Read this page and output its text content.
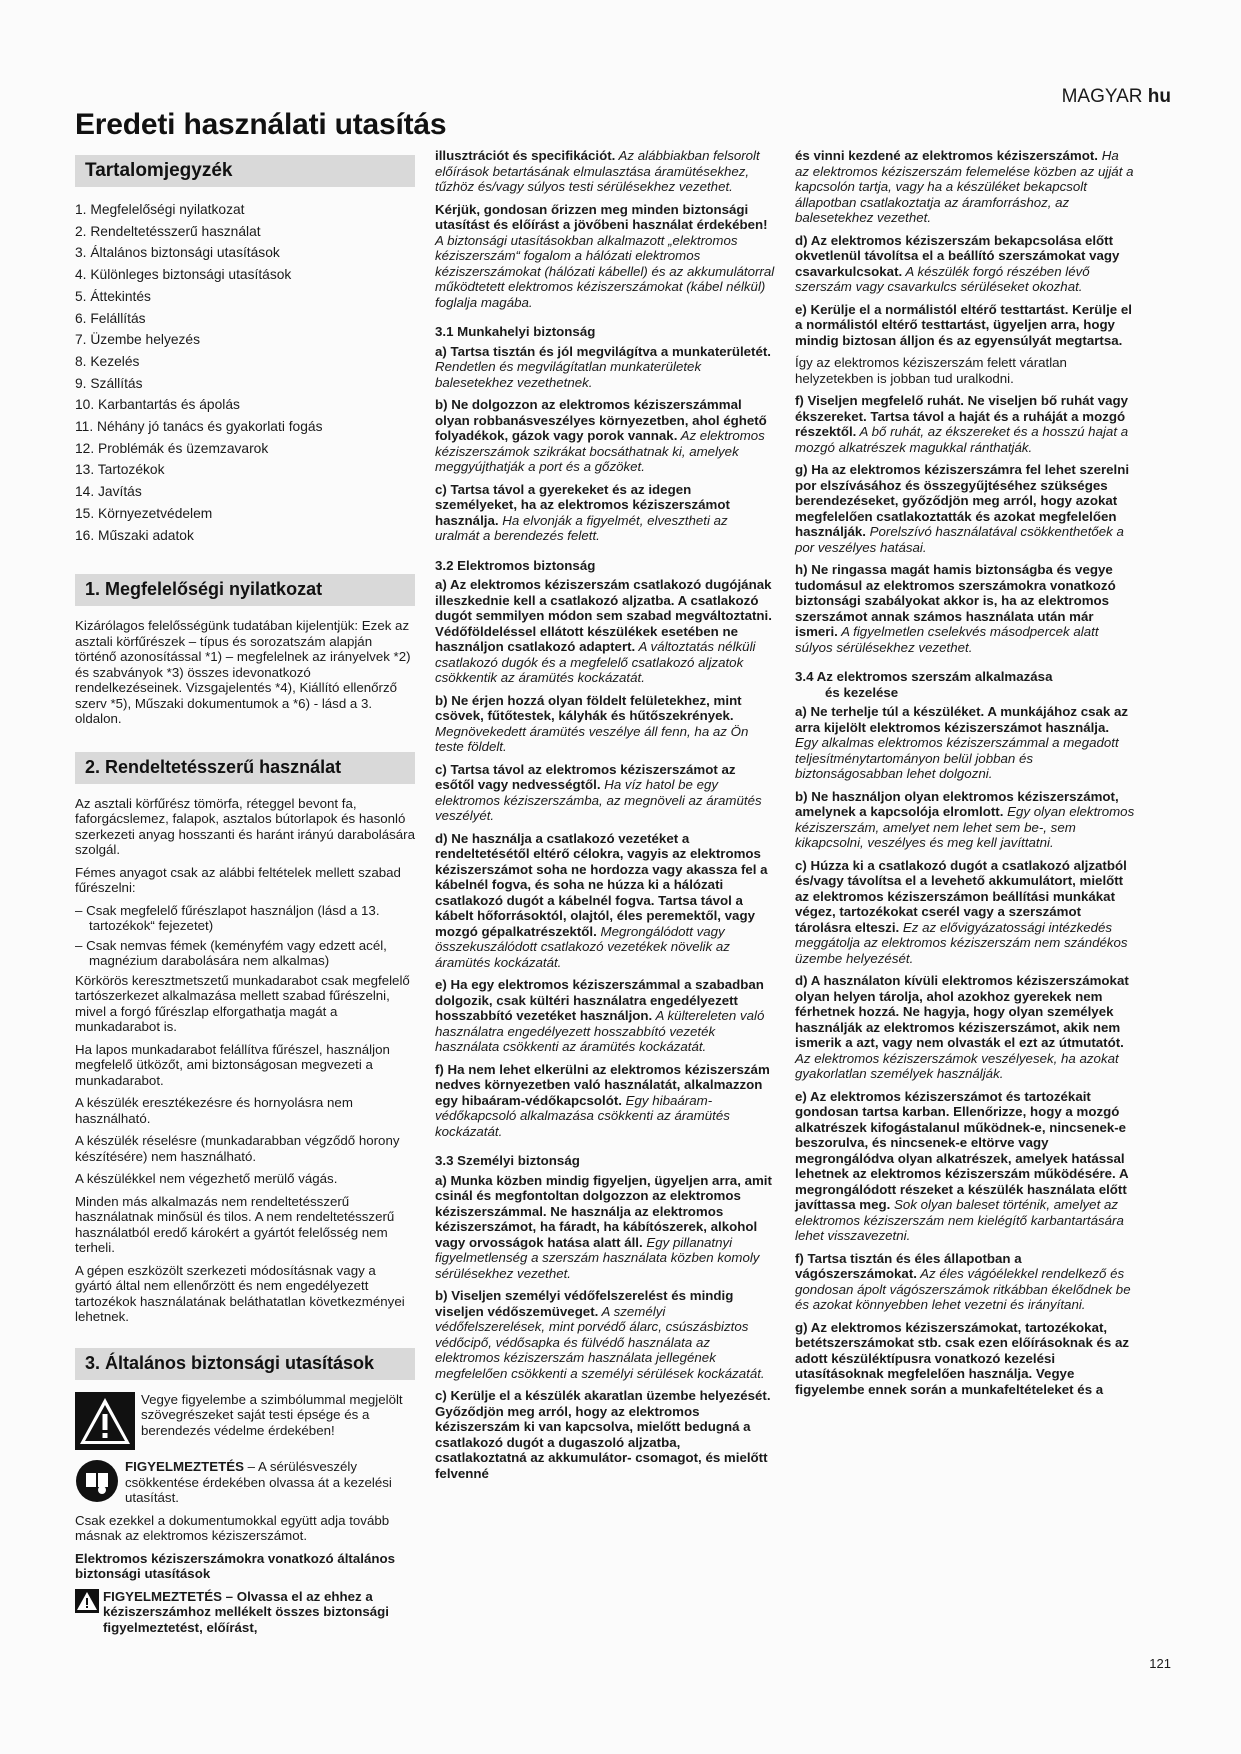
MAGYAR hu
Eredeti használati utasítás
Tartalomjegyzék
1. Megfelelőségi nyilatkozat
2. Rendeltetésszerű használat
3. Általános biztonsági utasítások
4. Különleges biztonsági utasítások
5. Áttekintés
6. Felállítás
7. Üzembe helyezés
8. Kezelés
9. Szállítás
10. Karbantartás és ápolás
11. Néhány jó tanács és gyakorlati fogás
12. Problémák és üzemzavarok
13. Tartozékok
14. Javítás
15. Környezetvédelem
16. Műszaki adatok
1. Megfelelőségi nyilatkozat

Kizárólagos felelősségünk tudatában kijelentjük: Ezek az asztali körfűrészek – típus és sorozatszám alapján történő azonosítással *1) – megfelelnek az irányelvek *2) és szabványok *3) összes idevonatkozó rendelkezéseinek. Vizsgajelentés *4), Kiállító ellenőrző szerv *5), Műszaki dokumentumok a *6) - lásd a 3. oldalon.

2. Rendeltetésszerű használat

Az asztali körfűrész tömörfa, réteggel bevont fa, faforgácslemez, falapok, asztalos bútorlapok és hasonló szerkezeti anyag hosszanti és haránt irányú darabolására szolgál.

Fémes anyagot csak az alábbi feltételek mellett szabad fűrészelni:

– Csak megfelelő fűrészlapot használjon (lásd a 13. tartozékok“ fejezetet)

– Csak nemvas fémek (keményfém vagy edzett acél, magnézium darabolására nem alkalmas)

Körkörös keresztmetszetű munkadarabot csak megfelelő tartószerkezet alkalmazása mellett szabad fűrészelni, mivel a forgó fűrészlap elforgathatja magát a munkadarabot is.

Ha lapos munkadarabot felállítva fűrészel, használjon megfelelő ütközőt, ami biztonságosan megvezeti a munkadarabot.

A készülék eresztékezésre és hornyolásra nem használható.

A készülék réselésre (munkadarabban végződő horony készítésére) nem használható.

A készülékkel nem végezhető merülő vágás.

Minden más alkalmazás nem rendeltetésszerű használatnak minősül és tilos. A nem rendeltetésszerű használatból eredő károkért a gyártót felelősség nem terheli.

A gépen eszközölt szerkezeti módosításnak vagy a gyártó által nem ellenőrzött és nem engedélyezett tartozékok használatának beláthatatlan következményei lehetnek.

3. Általános biztonsági utasítások

Vegye figyelembe a szimbólummal megjelölt szövegrészeket saját testi épsége és a berendezés védelme érdekében!

FIGYELMEZTETÉS – A sérülésveszély csökkentése érdekében olvassa át a kezelési utasítást.

Csak ezekkel a dokumentumokkal együtt adja tovább másnak az elektromos kéziszerszámot.

Elektromos kéziszerszámokra vonatkozó általános biztonsági utasítások

FIGYELMEZTETÉS – Olvassa el az ehhez a kéziszerszámhoz mellékelt összes biztonsági figyelmeztetést, előírást,

illusztrációt és specifikációt. Az alábbiakban felsorolt előírások betartásának elmulasztása áramütésekhez, tűzhöz és/vagy súlyos testi sérülésekhez vezethet.

Kérjük, gondosan őrizzen meg minden biztonsági utasítást és előírást a jövőbeni használat érdekében! A biztonsági utasításokban alkalmazott „elektromos kéziszerszám“ fogalom a hálózati elektromos kéziszerszámokat (hálózati kábellel) és az akkumulátorral működtetett elektromos kéziszerszámokat (kábel nélkül) foglalja magába.

3.1 Munkahelyi biztonság

a) Tartsa tisztán és jól megvilágítva a munkaterületét. Rendetlen és megvilágítatlan munkaterületek balesetekhez vezethetnek.

b) Ne dolgozzon az elektromos kéziszerszámmal olyan robbanásveszélyes környezetben, ahol éghető folyadékok, gázok vagy porok vannak. Az elektromos kéziszerszámok szikrákat bocsáthatnak ki, amelyek meggyújthatják a port és a gőzöket.

c) Tartsa távol a gyerekeket és az idegen személyeket, ha az elektromos kéziszerszámot használja. Ha elvonják a figyelmét, elvesztheti az uralmát a berendezés felett.

3.2 Elektromos biztonság

a) Az elektromos kéziszerszám csatlakozó dugójának illeszkednie kell a csatlakozó aljzatba. A csatlakozó dugót semmilyen módon sem szabad megváltoztatni. Védőföldeléssel ellátott készülékek esetében ne használjon csatlakozó adaptert. A változtatás nélküli csatlakozó dugók és a megfelelő csatlakozó aljzatok csökkentik az áramütés kockázatát.

b) Ne érjen hozzá olyan földelt felületekhez, mint csövek, fűtőtestek, kályhák és hűtőszekrények. Megnövekedett áramütés veszélye áll fenn, ha az Ön teste földelt.

c) Tartsa távol az elektromos kéziszerszámot az esőtől vagy nedvességtől. Ha víz hatol be egy elektromos kéziszerszámba, az megnöveli az áramütés veszélyét.

d) Ne használja a csatlakozó vezetéket a rendeltetésétől eltérő célokra, vagyis az elektromos kéziszerszámot soha ne hordozza vagy akassza fel a kábelnél fogva, és soha ne húzza ki a hálózati csatlakozó dugót a kábelnél fogva. Tartsa távol a kábelt hőforrásoktól, olajtól, éles peremektől, vagy mozgó gépalkatrészektől. Megrongálódott vagy összekuszálódott csatlakozó vezetékek növelik az áramütés kockázatát.

e) Ha egy elektromos kéziszerszámmal a szabadban dolgozik, csak kültéri használatra engedélyezett hosszabbító vezetéket használjon. A kültereleten való használatra engedélyezett hosszabbító vezeték használata csökkenti az áramütés kockázatát.

f) Ha nem lehet elkerülni az elektromos kéziszerszám nedves környezetben való használatát, alkalmazzon egy hibaáram-védőkapcsolót. Egy hibaáram-védőkapcsoló alkalmazása csökkenti az áramütés kockázatát.

3.3 Személyi biztonság

a) Munka közben mindig figyeljen, ügyeljen arra, amit csinál és megfontoltan dolgozzon az elektromos kéziszerszámmal. Ne használja az elektromos kéziszerszámot, ha fáradt, ha kábítószerek, alkohol vagy orvosságok hatása alatt áll. Egy pillanatnyi figyelmetlenség a szerszám használata közben komoly sérülésekhez vezethet.

b) Viseljen személyi védőfelszerelést és mindig viseljen védőszemüveget. A személyi védőfelszerelések, mint porvédő álarc, csúszásbiztos védőcipő, védősapka és fülvédő használata az elektromos kéziszerszám használata jellegének megfelelően csökkenti a személyi sérülések kockázatát.

c) Kerülje el a készülék akaratlan üzembe helyezését. Győződjön meg arról, hogy az elektromos kéziszerszám ki van kapcsolva, mielőtt bedugná a csatlakozó dugót a dugaszoló aljzatba, csatlakoztatná az akkumulátor- csomagot, és mielőtt felvenné

és vinni kezdené az elektromos kéziszerszámot. Ha az elektromos kéziszerszám felemelése közben az ujját a kapcsolón tartja, vagy ha a készüléket bekapcsolt állapotban csatlakoztatja az áramforráshoz, az balesetekhez vezethet.

d) Az elektromos kéziszerszám bekapcsolása előtt okvetlenül távolítsa el a beállító szerszámokat vagy csavarkulcsokat. A készülék forgó részében lévő szerszám vagy csavarkulcs sérüléseket okozhat.

e) Kerülje el a normálistól eltérő testtartást. Kerülje el a normálistól eltérő testtartást, ügyeljen arra, hogy mindig biztosan álljon és az egyensúlyát megtartsa.

Így az elektromos kéziszerszám felett váratlan helyzetekben is jobban tud uralkodni.

f) Viseljen megfelelő ruhát. Ne viseljen bő ruhát vagy ékszereket. Tartsa távol a haját és a ruháját a mozgó részektől. A bő ruhát, az ékszereket és a hosszú hajat a mozgó alkatrészek magukkal ránthatják.

g) Ha az elektromos kéziszerszámra fel lehet szerelni por elszívásához és összegyűjtéséhez szükséges berendezéseket, győződjön meg arról, hogy azokat megfelelően csatlakoztatták és azokat megfelelően használják. Porelszívó használatával csökkenthetőek a por veszélyes hatásai.

h) Ne ringassa magát hamis biztonságba és vegye tudomásul az elektromos szerszámokra vonatkozó biztonsági szabályokat akkor is, ha az elektromos szerszámot annak számos használata után már ismeri. A figyelmetlen cselekvés másodpercek alatt súlyos sérülésekhez vezethet.

3.4 Az elektromos szerszám alkalmazása

és kezelése

a) Ne terhelje túl a készüléket. A munkájához csak az arra kijelölt elektromos kéziszerszámot használja. Egy alkalmas elektromos kéziszerszámmal a megadott teljesítménytartományon belül jobban és biztonságosabban lehet dolgozni.

b) Ne használjon olyan elektromos kéziszerszámot, amelynek a kapcsolója elromlott. Egy olyan elektromos kéziszerszám, amelyet nem lehet sem be-, sem kikapcsolni, veszélyes és meg kell javíttatni.

c) Húzza ki a csatlakozó dugót a csatlakozó aljzatból és/vagy távolítsa el a levehető akkumulátort, mielőtt az elektromos kéziszerszámon beállítási munkákat végez, tartozékokat cserél vagy a szerszámot tárolásra elteszi. Ez az elővigyázatossági intézkedés meggátolja az elektromos kéziszerszám nem szándékos üzembe helyezését.

d) A használaton kívüli elektromos kéziszerszámokat olyan helyen tárolja, ahol azokhoz gyerekek nem férhetnek hozzá. Ne hagyja, hogy olyan személyek használják az elektromos kéziszerszámot, akik nem ismerik a azt, vagy nem olvasták el ezt az útmutatót. Az elektromos kéziszerszámok veszélyesek, ha azokat gyakorlatlan személyek használják.

e) Az elektromos kéziszerszámot és tartozékait gondosan tartsa karban. Ellenőrizze, hogy a mozgó alkatrészek kifogástalanul működnek-e, nincsenek-e beszorulva, és nincsenek-e eltörve vagy megrongálódva olyan alkatrészek, amelyek hatással lehetnek az elektromos kéziszerszám működésére. A megrongálódott részeket a készülék használata előtt javíttassa meg. Sok olyan baleset történik, amelyet az elektromos kéziszerszám nem kielégítő karbantartására lehet visszavezetni.

f) Tartsa tisztán és éles állapotban a vágószerszámokat. Az éles vágóélekkel rendelkező és gondosan ápolt vágószerszámok ritkábban ékelődnek be és azokat könnyebben lehet vezetni és irányítani.

g) Az elektromos kéziszerszámokat, tartozékokat, betétszerszámokat stb. csak ezen előírásoknak és az adott készüléktípusra vonatkozó kezelési utasításoknak megfelelően használja. Vegye figyelembe ennek során a munkafeltételeket és a

121
